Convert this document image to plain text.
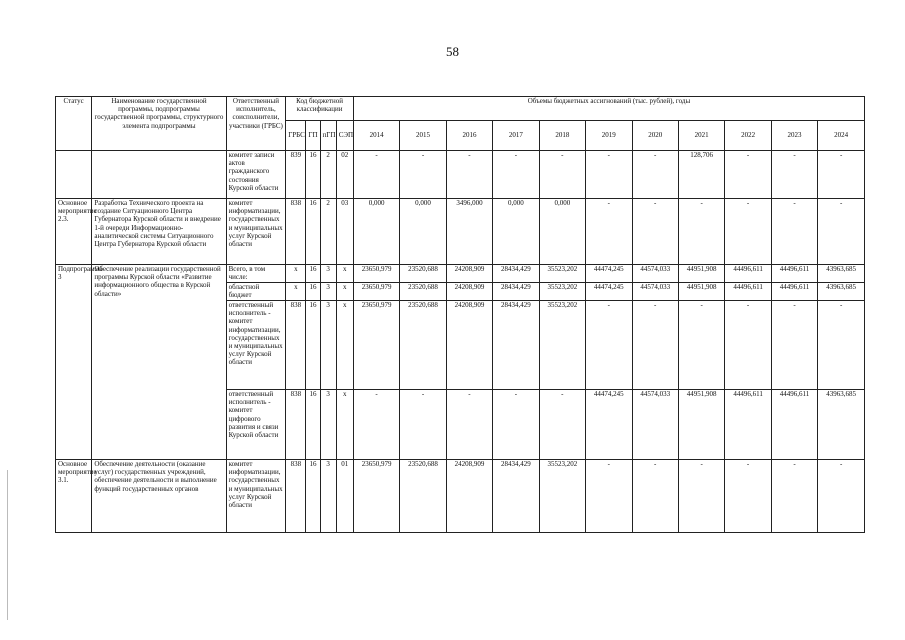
58
Статус	Наименование государственной программы, подпрограммы государственной программы, структурного элемента подпрограммы	Ответственный исполнитель, соисполнители, участники (ГРБС)	Код бюджетной классификации				Объемы бюджетных ассигнований (тыс. рублей), годы										
			ГРБС	ГП	пГП	СЭП	2014	2015	2016	2017	2018	2019	2020	2021	2022	2023	2024
		комитет записи актов гражданского состояния Курской области	839	16	2	02	-	-	-	-	-	-	-	128,706	-	-	-
Основное мероприятие 2.3.	Разработка Технического проекта на создание Ситуационного Центра Губернатора Курской области и внедрение 1-й очереди Информационно-аналитической системы Ситуационного Центра Губернатора Курской области	комитет информатизации, государственных и муниципальных услуг Курской области	838	16	2	03	0,000	0,000	3496,000	0,000	0,000	-	-	-	-	-	-
Подпрограмма 3	Обеспечение реализации государственной программы Курской области «Развитие информационного общества в Курской области»	Всего, в том числе:	х	16	3	х	23650,979	23520,688	24208,909	28434,429	35523,202	44474,245	44574,033	44951,908	44496,611	44496,611	43963,685
		областной бюджет	х	16	3	х	23650,979	23520,688	24208,909	28434,429	35523,202	44474,245	44574,033	44951,908	44496,611	44496,611	43963,685
		ответственный исполнитель - комитет информатизации, государственных и муниципальных услуг Курской области	838	16	3	х	23650,979	23520,688	24208,909	28434,429	35523,202	-	-	-	-	-	-
		ответственный исполнитель - комитет цифрового развития и связи Курской области	838	16	3	х	-	-	-	-	-	44474,245	44574,033	44951,908	44496,611	44496,611	43963,685
Основное мероприятие 3.1.	Обеспечение деятельности (оказание услуг) государственных учреждений, обеспечение деятельности и выполнение функций государственных органов	комитет информатизации, государственных и муниципальных услуг Курской области	838	16	3	01	23650,979	23520,688	24208,909	28434,429	35523,202	-	-	-	-	-	-
